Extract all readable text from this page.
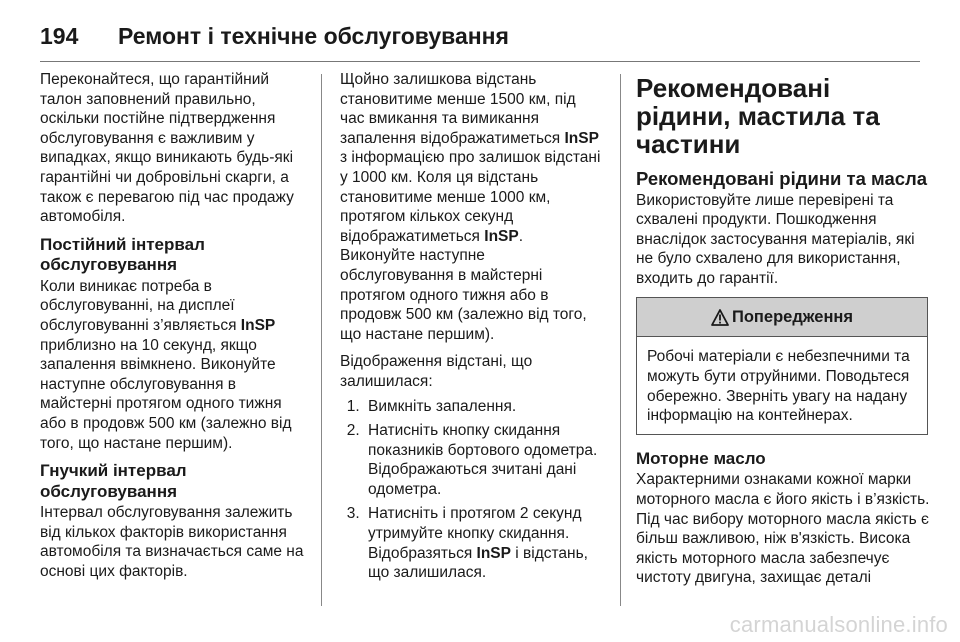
194	Ремонт і технічне обслуговування

Переконайтеся, що гарантійний талон заповнений правильно, оскільки постійне підтвердження обслуговування є важливим у випадках, якщо виникають будь-які гарантійні чи добровільні скарги, а також є перевагою під час продажу автомобіля.

Постійний інтервал обслуговування

Коли виникає потреба в обслуговуванні, на дисплеї обслуговуванні з’являється InSP приблизно на 10 секунд, якщо запалення ввімкнено. Виконуйте наступне обслуговування в майстерні протягом одного тижня або в продовж 500 км (залежно від того, що настане першим).

Гнучкий інтервал обслуговування

Інтервал обслуговування залежить від кількох факторів використання автомобіля та визначається саме на основі цих факторів.

Щойно залишкова відстань становитиме менше 1500 км, під час вмикання та вимикання запалення відображатиметься InSP з інформацією про залишок відстані у 1000 км. Коля ця відстань становитиме менше 1000 км, протягом кількох секунд відображатиметься InSP.

Виконуйте наступне обслуговування в майстерні протягом одного тижня або в продовж 500 км (залежно від того, що настане першим).

Відображення відстані, що залишилася:

1. Вимкніть запалення.
2. Натисніть кнопку скидання показників бортового одометра. Відображаються зчитані дані одометра.
3. Натисніть і протягом 2 секунд утримуйте кнопку скидання. Відобразяться InSP і відстань, що залишилася.
Рекомендовані рідини, мастила та частини
Рекомендовані рідини та масла

Використовуйте лише перевірені та схвалені продукти. Пошкодження внаслідок застосування матеріалів, які не було схвалено для використання, входить до гарантії.

Попередження
Робочі матеріали є небезпечними та можуть бути отруйними. Поводьтеся обережно. Зверніть увагу на надану інформацію на контейнерах.
Моторне масло

Характерними ознаками кожної марки моторного масла є його якість і в’язкість. Під час вибору моторного масла якість є більш важливою, ніж в'язкість. Висока якість моторного масла забезпечує чистоту двигуна, захищає деталі

carmanualsonline.info
